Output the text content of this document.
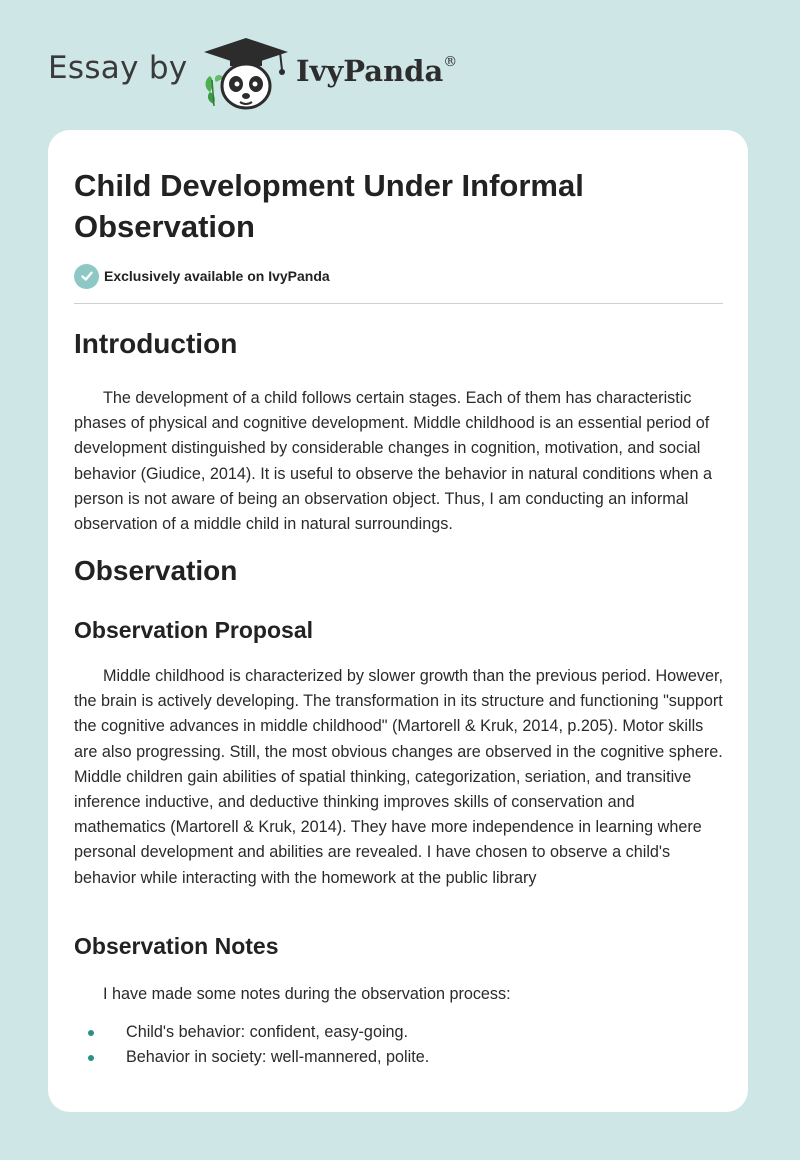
Essay by	IvyPanda®
Child Development Under Informal Observation
Exclusively available on IvyPanda
Introduction

The development of a child follows certain stages. Each of them has characteristic phases of physical and cognitive development. Middle childhood is an essential period of development distinguished by considerable changes in cognition, motivation, and social behavior (Giudice, 2014). It is useful to observe the behavior in natural conditions when a person is not aware of being an observation object. Thus, I am conducting an informal observation of a middle child in natural surroundings.

Observation
Observation Proposal

Middle childhood is characterized by slower growth than the previous period. However, the brain is actively developing. The transformation in its structure and functioning "support the cognitive advances in middle childhood" (Martorell & Kruk, 2014, p.205). Motor skills are also progressing. Still, the most obvious changes are observed in the cognitive sphere. Middle children gain abilities of spatial thinking, categorization, seriation, and transitive inference inductive, and deductive thinking improves skills of conservation and mathematics (Martorell & Kruk, 2014). They have more independence in learning where personal development and abilities are revealed. I have chosen to observe a child's behavior while interacting with the homework at the public library

Observation Notes

I have made some notes during the observation process:

Child's behavior: confident, easy-going.
Behavior in society: well-mannered, polite.
